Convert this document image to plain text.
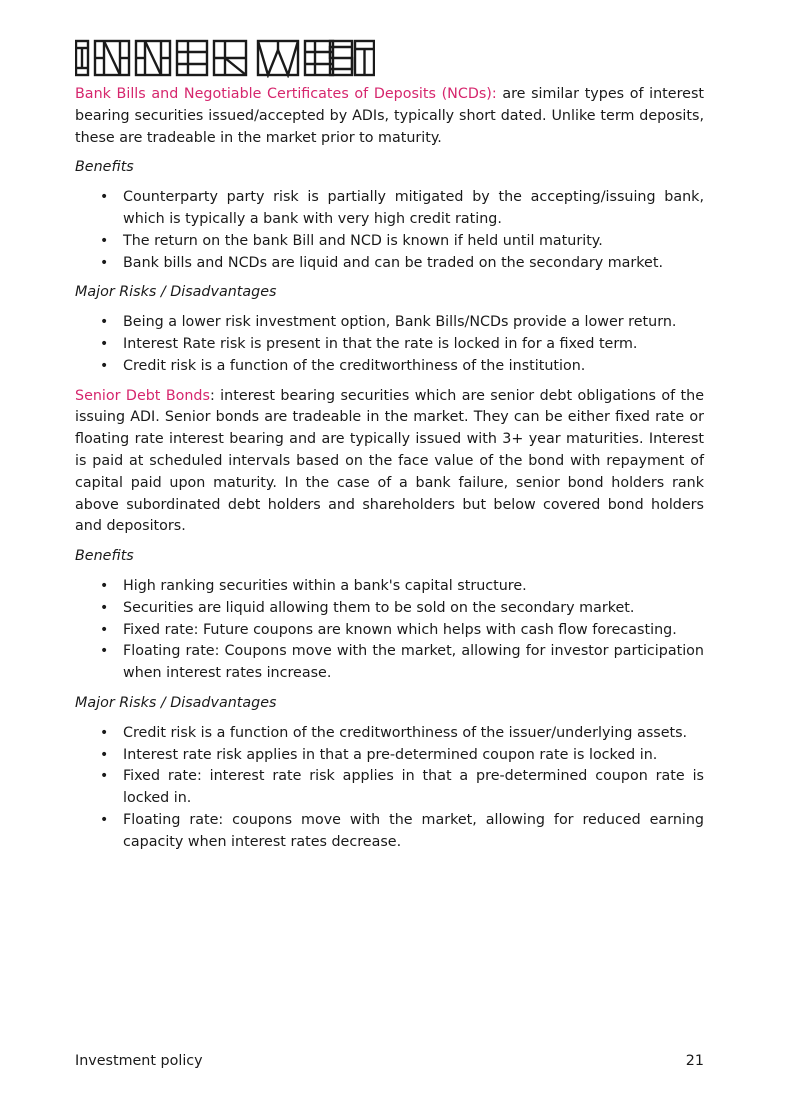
Bank Bills and Negotiable Certificates of Deposits (NCDs): are similar types of interest bearing securities issued/accepted by ADIs, typically short dated. Unlike term deposits, these are tradeable in the market prior to maturity.

Benefits

• Counterparty party risk is partially mitigated by the accepting/issuing bank, which is typically a bank with very high credit rating.
• The return on the bank Bill and NCD is known if held until maturity.
• Bank bills and NCDs are liquid and can be traded on the secondary market.

Major Risks / Disadvantages

• Being a lower risk investment option, Bank Bills/NCDs provide a lower return.
• Interest Rate risk is present in that the rate is locked in for a fixed term.
• Credit risk is a function of the creditworthiness of the institution.

Senior Debt Bonds: interest bearing securities which are senior debt obligations of the issuing ADI. Senior bonds are tradeable in the market. They can be either fixed rate or floating rate interest bearing and are typically issued with 3+ year maturities. Interest is paid at scheduled intervals based on the face value of the bond with repayment of capital paid upon maturity. In the case of a bank failure, senior bond holders rank above subordinated debt holders and shareholders but below covered bond holders and depositors.

Benefits

• High ranking securities within a bank's capital structure.
• Securities are liquid allowing them to be sold on the secondary market.
• Fixed rate: Future coupons are known which helps with cash flow forecasting.
• Floating rate: Coupons move with the market, allowing for investor participation when interest rates increase.

Major Risks / Disadvantages

• Credit risk is a function of the creditworthiness of the issuer/underlying assets.
• Interest rate risk applies in that a pre-determined coupon rate is locked in.
• Fixed rate: interest rate risk applies in that a pre-determined coupon rate is locked in.
• Floating rate: coupons move with the market, allowing for reduced earning capacity when interest rates decrease.
Investment policy	21
